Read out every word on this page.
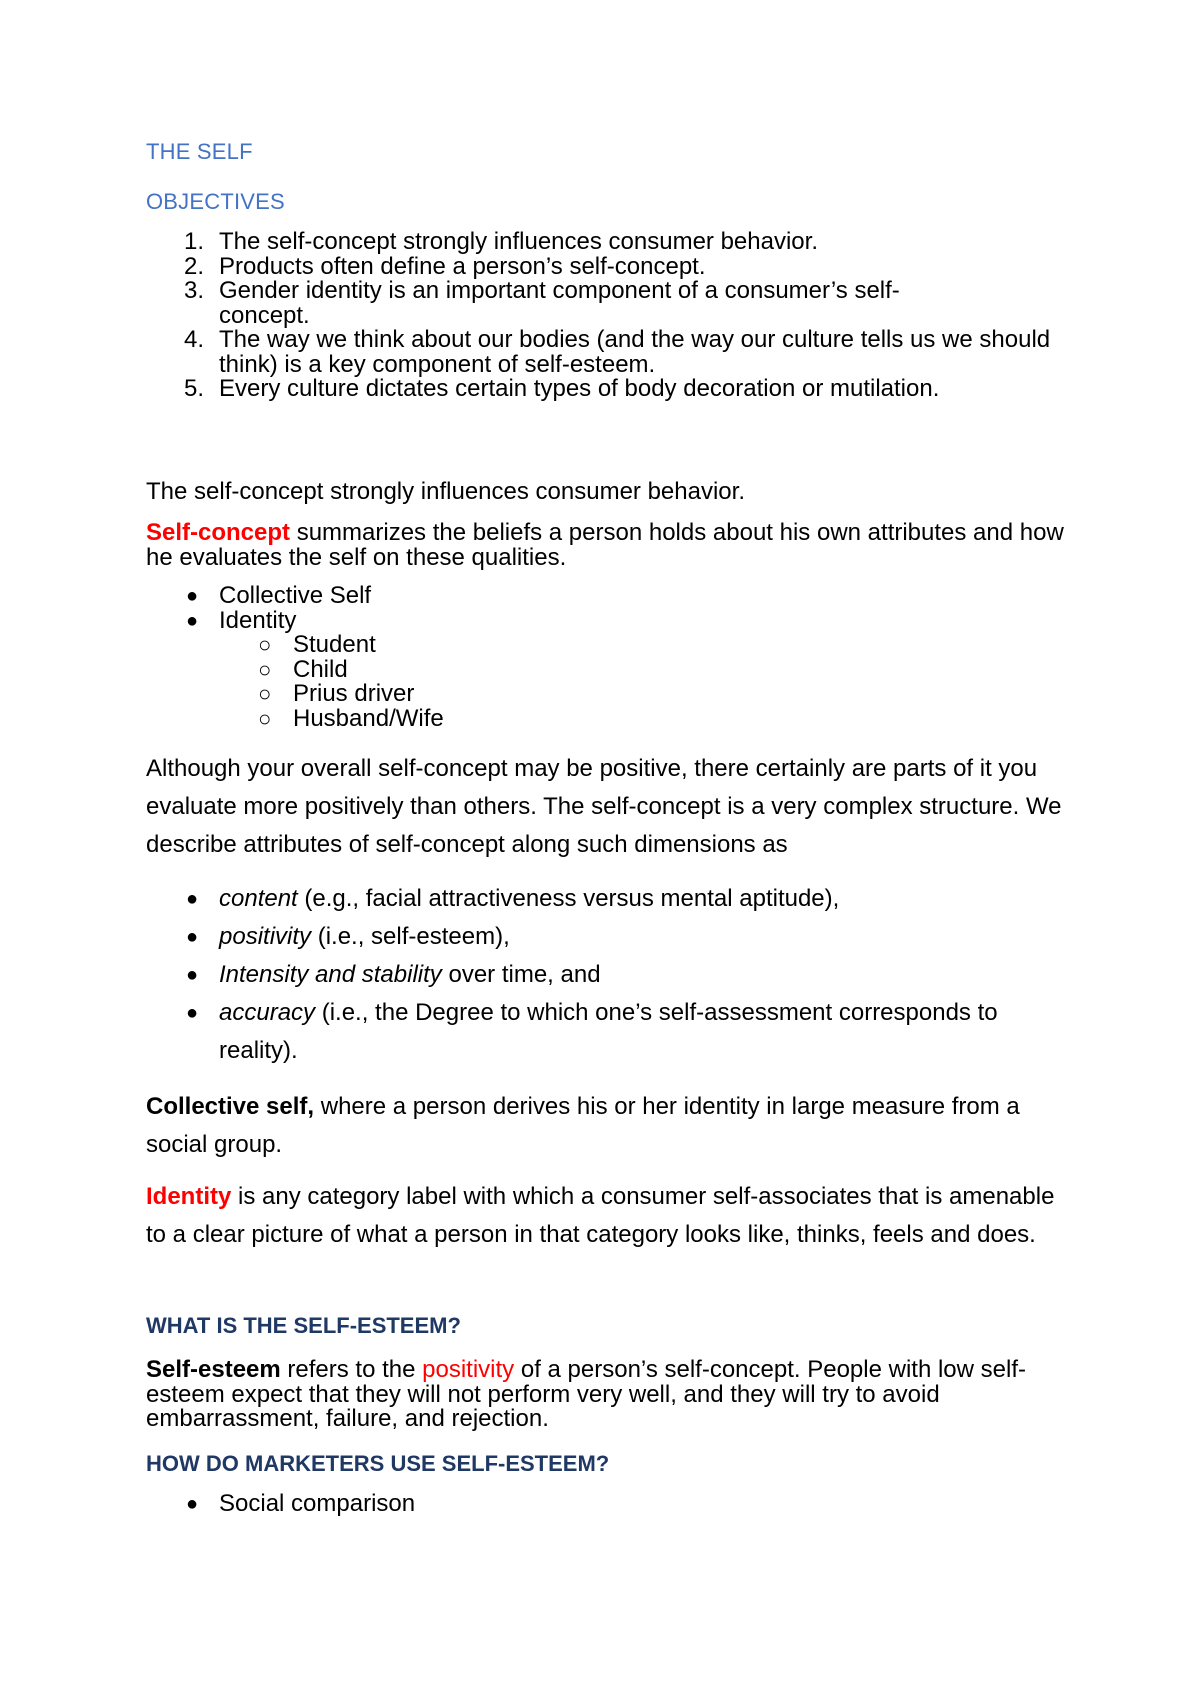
THE SELF
OBJECTIVES
1. The self-concept strongly influences consumer behavior.
2. Products often define a person’s self-concept.
3. Gender identity is an important component of a consumer’s self-concept.
4. The way we think about our bodies (and the way our culture tells us we should think) is a key component of self-esteem.
5. Every culture dictates certain types of body decoration or mutilation.

The self-concept strongly influences consumer behavior.

Self-concept summarizes the beliefs a person holds about his own attributes and how he evaluates the self on these qualities.

● Collective Self
● Identity
○ Student
○ Child
○ Prius driver
○ Husband/Wife

Although your overall self-concept may be positive, there certainly are parts of it you evaluate more positively than others. The self-concept is a very complex structure. We describe attributes of self-concept along such dimensions as

● content (e.g., facial attractiveness versus mental aptitude),
● positivity (i.e., self-esteem),
● Intensity and stability over time, and
● accuracy (i.e., the Degree to which one’s self-assessment corresponds to reality).

Collective self, where a person derives his or her identity in large measure from a social group.

Identity is any category label with which a consumer self-associates that is amenable to a clear picture of what a person in that category looks like, thinks, feels and does.

WHAT IS THE SELF-ESTEEM?

Self-esteem refers to the positivity of a person’s self-concept. People with low self-esteem expect that they will not perform very well, and they will try to avoid embarrassment, failure, and rejection.

HOW DO MARKETERS USE SELF-ESTEEM?
● Social comparison
